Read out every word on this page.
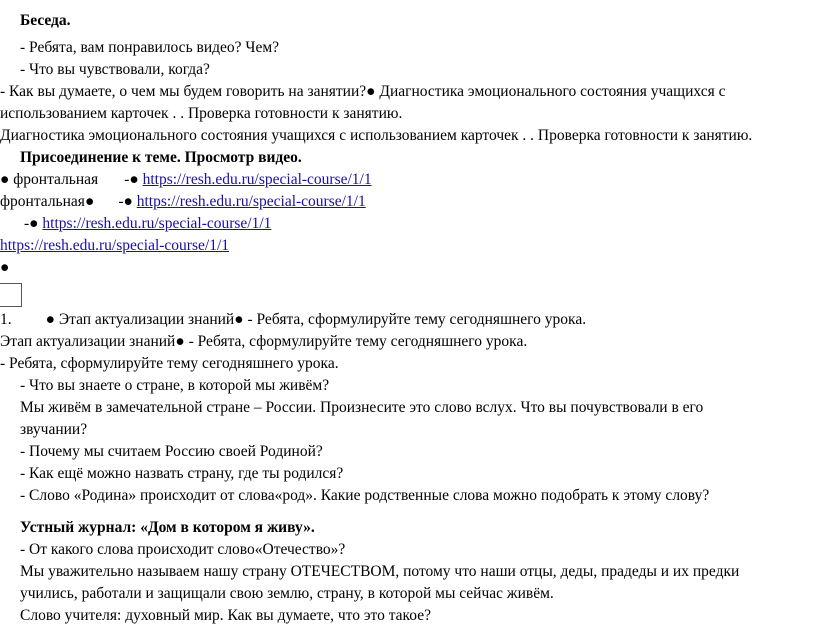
Беседа.
- Ребята, вам понравилось видео? Чем?
- Что вы чувствовали, когда?
- Как вы думаете, о чем мы будем говорить на занятии?● Диагностика эмоционального состояния учащихся с
использованием карточек . . Проверка готовности к занятию.
Диагностика эмоционального состояния учащихся с использованием карточек . . Проверка готовности к занятию.
Присоединение к теме. Просмотр видео.
● фронтальная -● https://resh.edu.ru/special-course/1/1
фронтальная● -● https://resh.edu.ru/special-course/1/1
-● https://resh.edu.ru/special-course/1/1
https://resh.edu.ru/special-course/1/1
●
1. ● Этап актуализации знаний● - Ребята, сформулируйте тему сегодняшнего урока.
Этап актуализации знаний● - Ребята, сформулируйте тему сегодняшнего урока.
- Ребята, сформулируйте тему сегодняшнего урока.
- Что вы знаете о стране, в которой мы живём?
Мы живём в замечательной стране – России. Произнесите это слово вслух. Что вы почувствовали в его
звучании?
- Почему мы считаем Россию своей Родиной?
- Как ещё можно назвать страну, где ты родился?
- Слово «Родина» происходит от слова«род». Какие родственные слова можно подобрать к этому слову?
Устный журнал: «Дом в котором я живу».
- От какого слова происходит слово«Отечество»?
Мы уважительно называем нашу страну ОТЕЧЕСТВОМ, потому что наши отцы, деды, прадеды и их предки
учились, работали и защищали свою землю, страну, в которой мы сейчас живём.
Слово учителя: духовный мир. Как вы думаете, что это такое?
